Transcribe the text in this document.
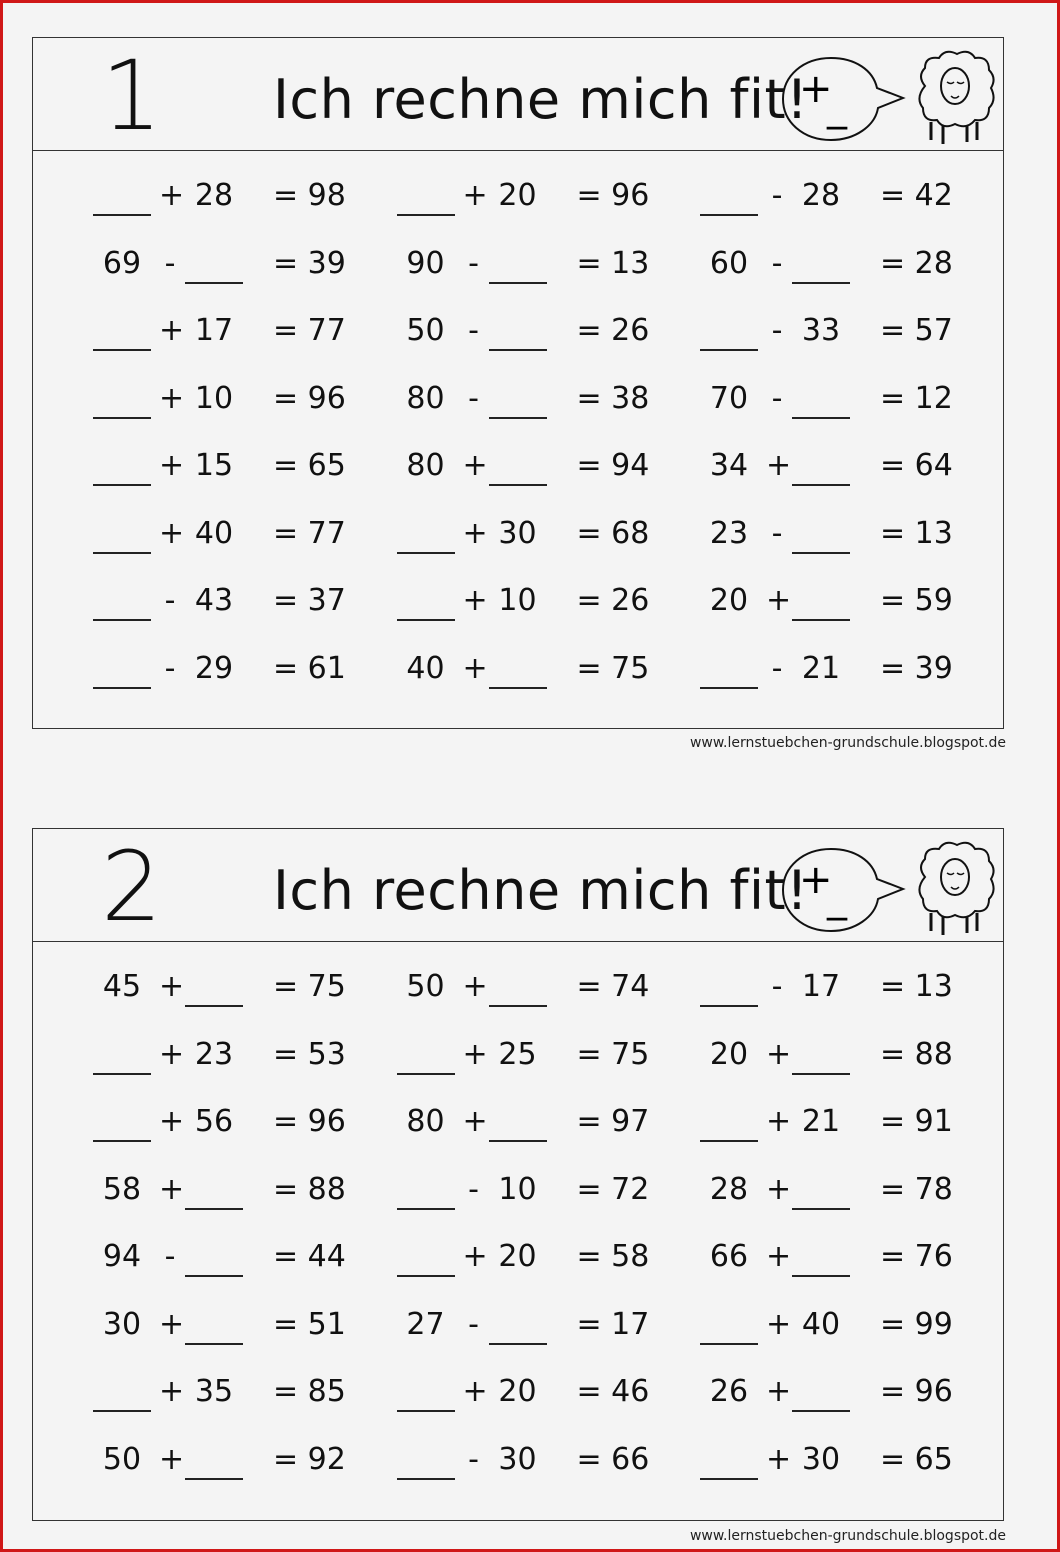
1 Ich rechne mich fit!
+
_
+ 28	= 98	+ 20	= 96	- 28	= 42
69 -	= 39	90 -	= 13	60 -	= 28
+ 17	= 77	50 -	= 26	- 33	= 57
+ 10	= 96	80 -	= 38	70 -	= 12
+ 15	= 65	80 +	= 94	34 +	= 64
+ 40	= 77	+ 30	= 68	23 -	= 13
- 43	= 37	+ 10	= 26	20 +	= 59
- 29	= 61	40 +	= 75	- 21	= 39
www.lernstuebchen-grundschule.blogspot.de
2 Ich rechne mich fit!
+
_
45 +	= 75	50 +	= 74	- 17	= 13
+ 23	= 53	+ 25	= 75	20 +	= 88
+ 56	= 96	80 +	= 97	+ 21	= 91
58 +	= 88	- 10	= 72	28 +	= 78
94 -	= 44	+ 20	= 58	66 +	= 76
30 +	= 51	27 -	= 17	+ 40	= 99
+ 35	= 85	+ 20	= 46	26 +	= 96
50 +	= 92	- 30	= 66	+ 30	= 65
www.lernstuebchen-grundschule.blogspot.de
